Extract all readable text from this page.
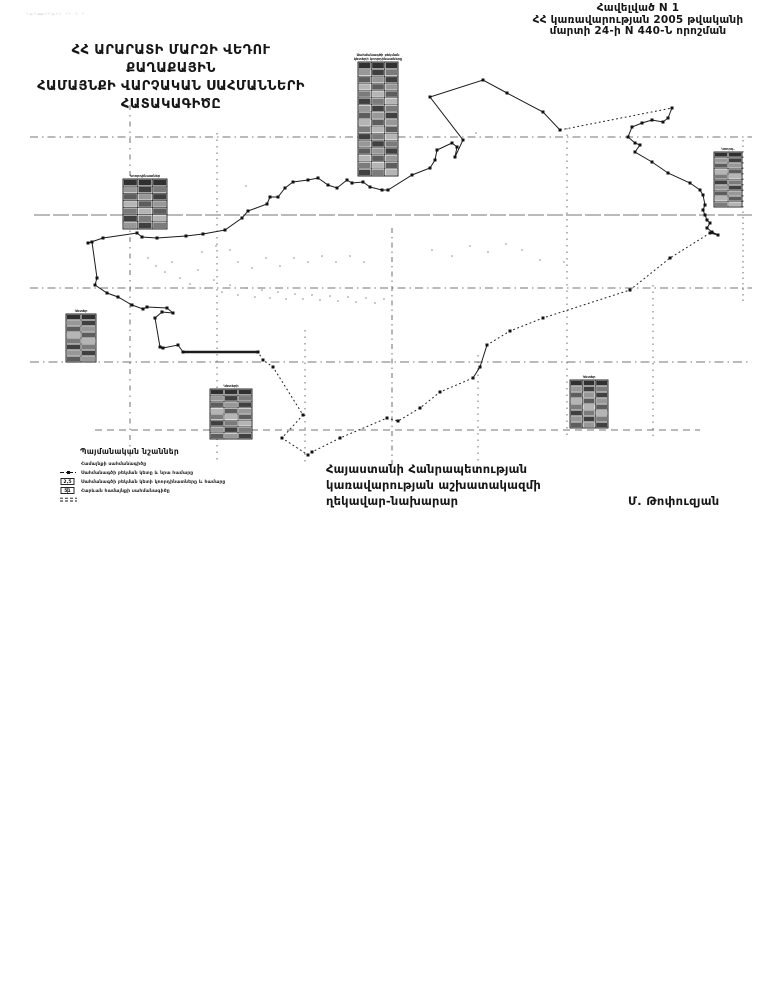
·–·—··–·· ·· · ·	Հավելված N 1
ՀՀ կառավարության 2005 թվականի
մարտի 24-ի N 440-Ն որոշման
ՀՀ ԱՐԱՐԱՏԻ ՄԱՐԶԻ ՎԵԴՈՒ ՔԱՂԱՔԱՅԻՆ
ՀԱՄԱՅՆՔԻ ՎԱՐՉԱԿԱՆ ՍԱՀՄԱՆՆԵՐԻ
ՀԱՏԱԿԱԳԻԾԸ
Սահմանագծի բեկման
կետերի կոորդինատները
Կոորդինատներ
Կետեր
Կետերի
Կետեր
Կոորդ.
Պայմանական նշաններ
Համայնքի սահմանագիծը
2,5
Սահմանագծի բեկման կետը և նրա համարը
51
Սահմանագծի բեկման կետի կոորդինատները և համարը
Հարևան համայնքի սահմանագիծը
Հայաստանի Հանրապետության
կառավարության աշխատակազմի
ղեկավար-նախարար	Մ. Թոփուզյան
